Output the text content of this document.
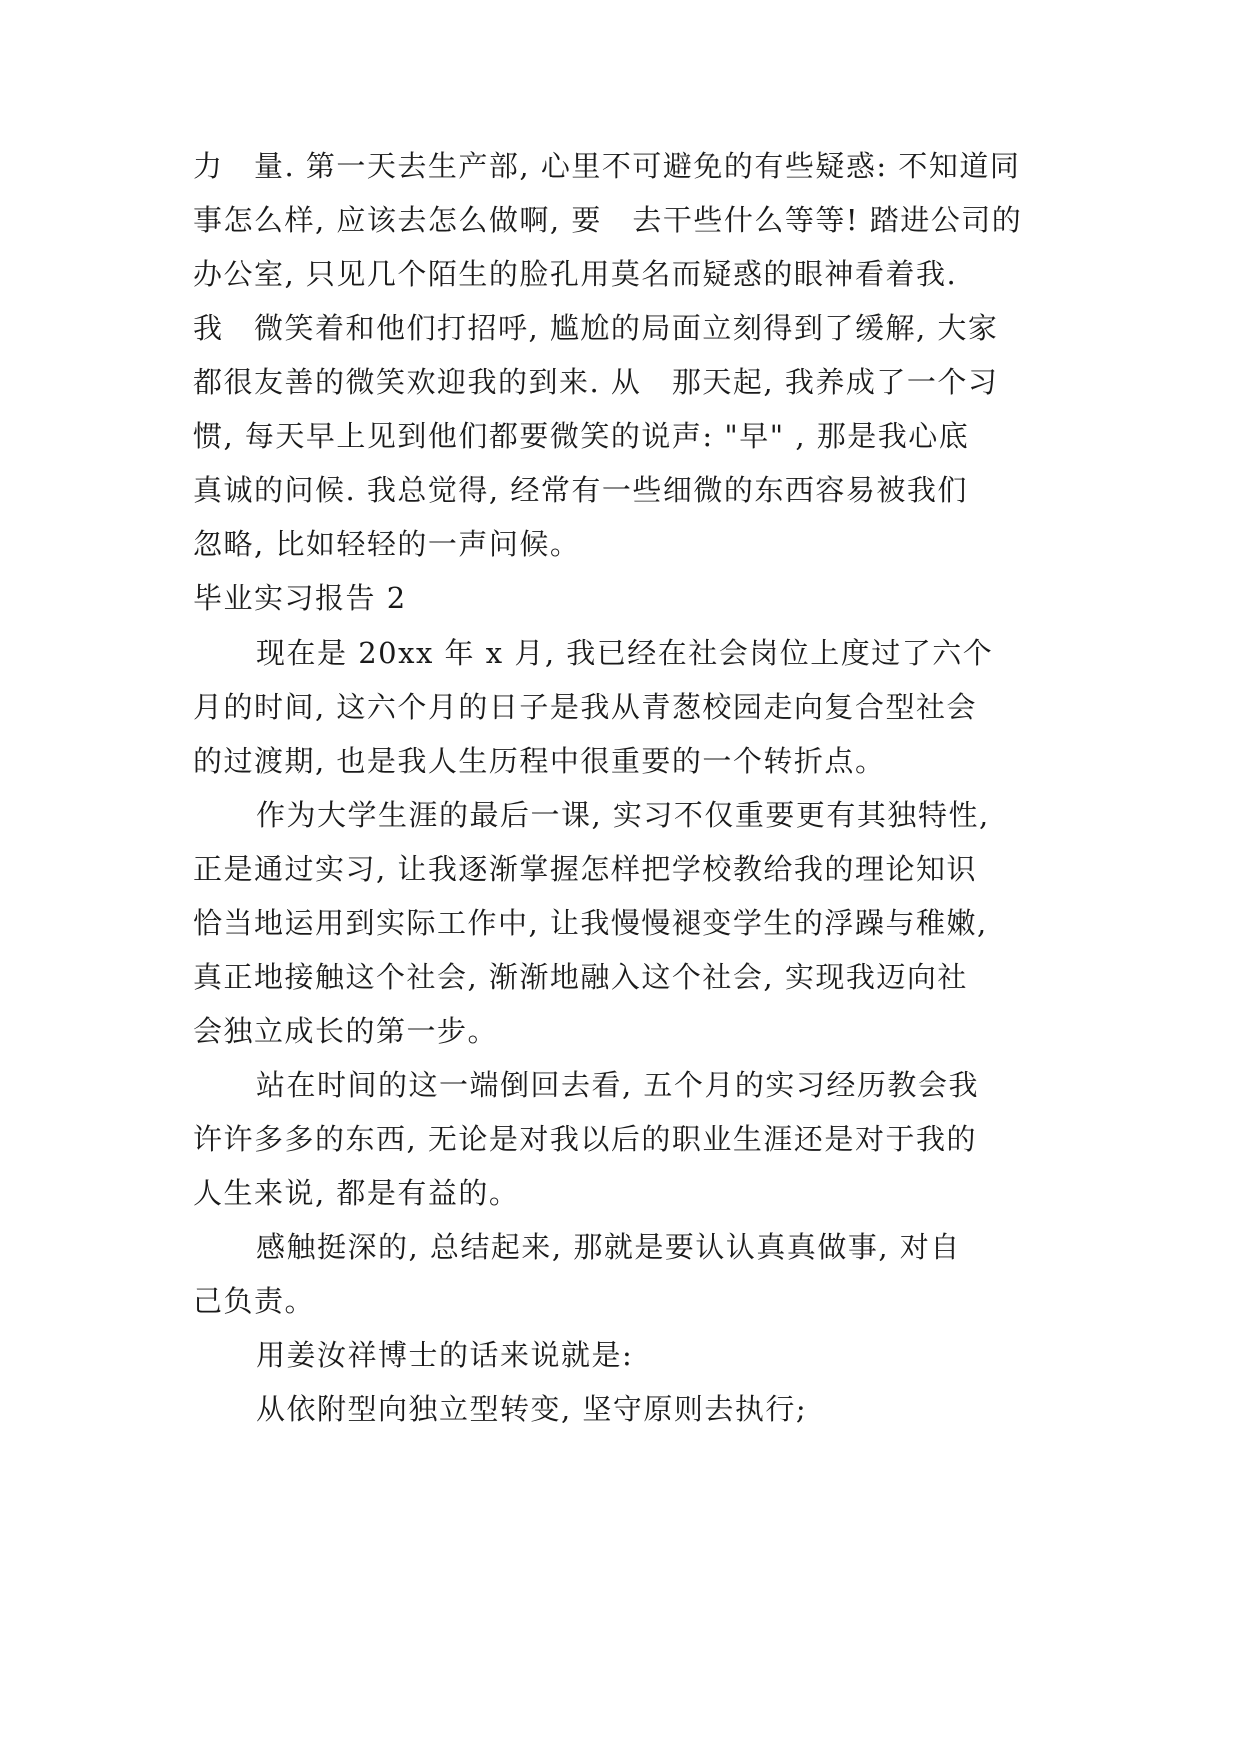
力　量. 第一天去生产部, 心里不可避免的有些疑惑: 不知道同
事怎么样, 应该去怎么做啊, 要　去干些什么等等! 踏进公司的
办公室, 只见几个陌生的脸孔用莫名而疑惑的眼神看着我.
我　微笑着和他们打招呼, 尴尬的局面立刻得到了缓解, 大家
都很友善的微笑欢迎我的到来. 从　那天起, 我养成了一个习
惯, 每天早上见到他们都要微笑的说声: "早" , 那是我心底
真诚的问候. 我总觉得, 经常有一些细微的东西容易被我们
忽略, 比如轻轻的一声问候。
毕业实习报告 2
现在是 20xx 年 x 月, 我已经在社会岗位上度过了六个
月的时间, 这六个月的日子是我从青葱校园走向复合型社会
的过渡期, 也是我人生历程中很重要的一个转折点。
作为大学生涯的最后一课, 实习不仅重要更有其独特性,
正是通过实习, 让我逐渐掌握怎样把学校教给我的理论知识
恰当地运用到实际工作中, 让我慢慢褪变学生的浮躁与稚嫩,
真正地接触这个社会, 渐渐地融入这个社会, 实现我迈向社
会独立成长的第一步。
站在时间的这一端倒回去看, 五个月的实习经历教会我
许许多多的东西, 无论是对我以后的职业生涯还是对于我的
人生来说, 都是有益的。
感触挺深的, 总结起来, 那就是要认认真真做事, 对自
己负责。
用姜汝祥博士的话来说就是:
从依附型向独立型转变, 坚守原则去执行;
